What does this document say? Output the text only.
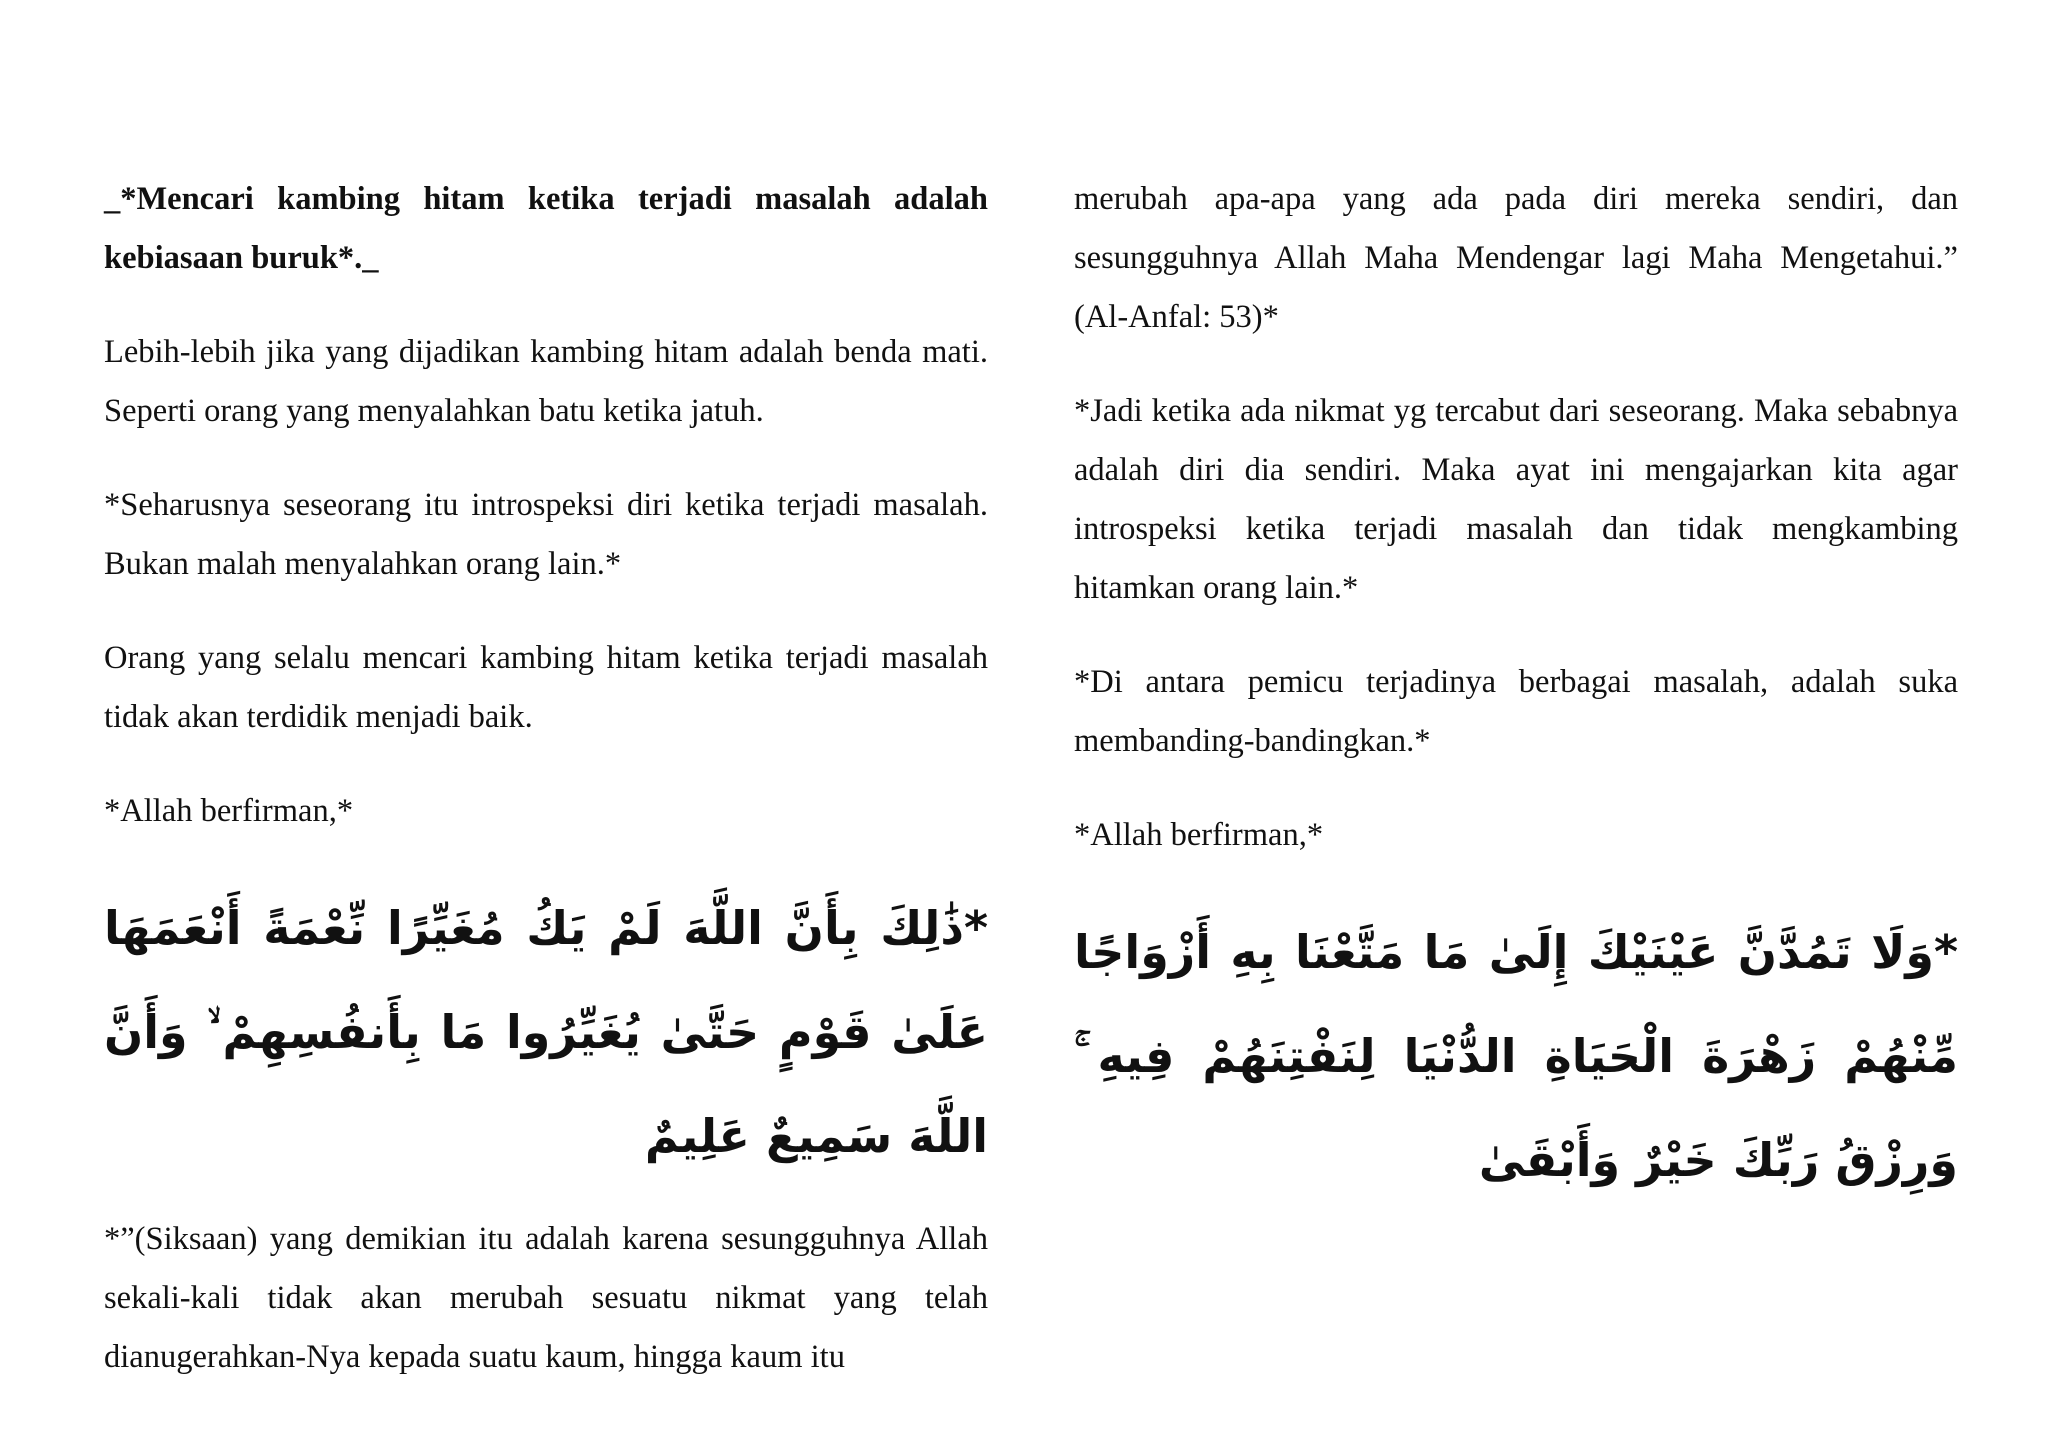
_*Mencari kambing hitam ketika terjadi masalah adalah kebiasaan buruk*._

Lebih-lebih jika yang dijadikan kambing hitam adalah benda mati. Seperti orang yang menyalahkan batu ketika jatuh.

*Seharusnya seseorang itu introspeksi diri ketika terjadi masalah. Bukan malah menyalahkan orang lain.*

Orang yang selalu mencari kambing hitam ketika terjadi masalah tidak akan terdidik menjadi baik.

*Allah berfirman,*

*ذَٰلِكَ بِأَنَّ اللَّهَ لَمْ يَكُ مُغَيِّرًا نِّعْمَةً أَنْعَمَهَا عَلَىٰ قَوْمٍ حَتَّىٰ يُغَيِّرُوا مَا بِأَنفُسِهِمْ ۙ وَأَنَّ اللَّهَ سَمِيعٌ عَلِيمٌ

*”(Siksaan) yang demikian itu adalah karena sesungguhnya Allah sekali-kali tidak akan merubah sesuatu nikmat yang telah dianugerahkan-Nya kepada suatu kaum, hingga kaum itu

merubah apa-apa yang ada pada diri mereka sendiri, dan sesungguhnya Allah Maha Mendengar lagi Maha Mengetahui.” (Al-Anfal: 53)*

*Jadi ketika ada nikmat yg tercabut dari seseorang. Maka sebabnya adalah diri dia sendiri. Maka ayat ini mengajarkan kita agar introspeksi ketika terjadi masalah dan tidak mengkambing hitamkan orang lain.*

*Di antara pemicu terjadinya berbagai masalah, adalah suka membanding-bandingkan.*

*Allah berfirman,*

*وَلَا تَمُدَّنَّ عَيْنَيْكَ إِلَىٰ مَا مَتَّعْنَا بِهِ أَزْوَاجًا مِّنْهُمْ زَهْرَةَ الْحَيَاةِ الدُّنْيَا لِنَفْتِنَهُمْ فِيهِ ۚ وَرِزْقُ رَبِّكَ خَيْرٌ وَأَبْقَىٰ
